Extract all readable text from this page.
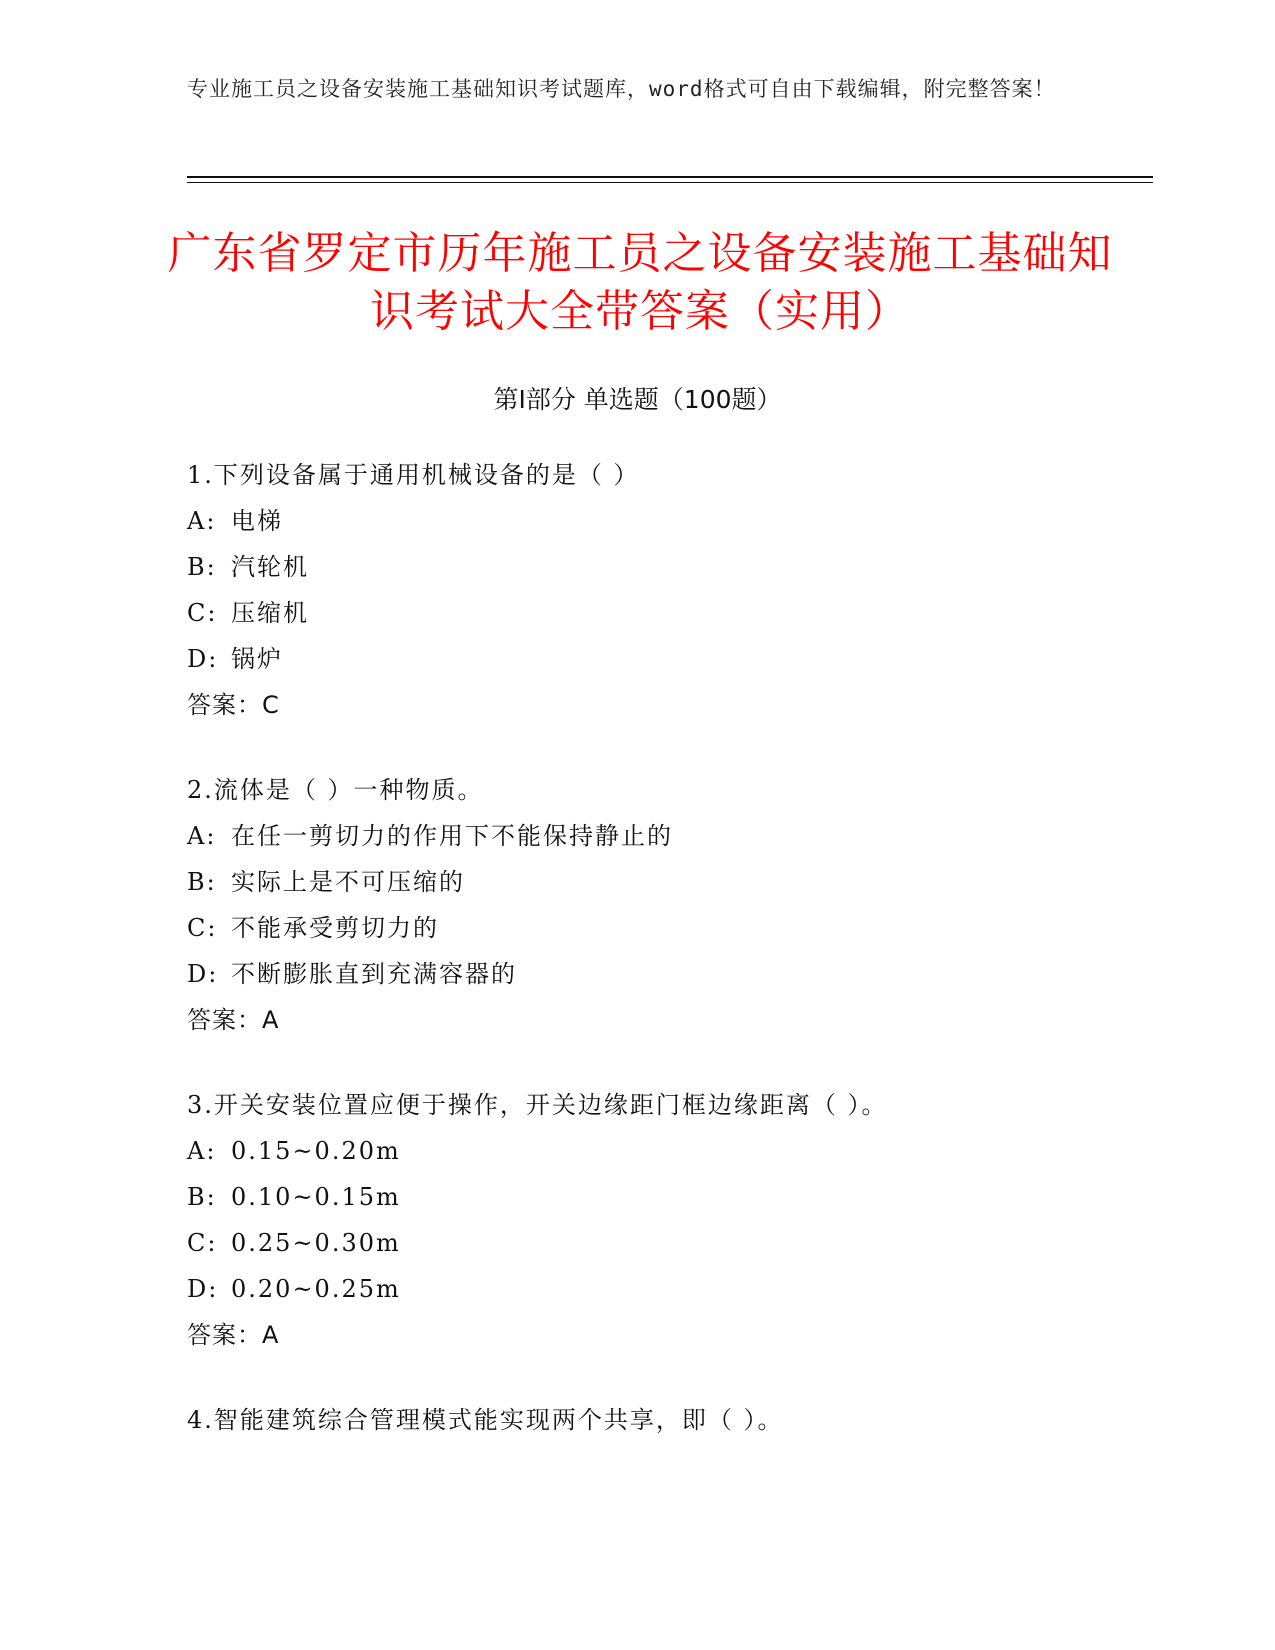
专业施工员之设备安装施工基础知识考试题库，word格式可自由下载编辑，附完整答案！
广东省罗定市历年施工员之设备安装施工基础知识考试大全带答案（实用）
第Ⅰ部分 单选题（100题）
1.下列设备属于通用机械设备的是（ ）
A: 电梯
B: 汽轮机
C: 压缩机
D: 锅炉
答案：C
2.流体是（ ）一种物质。
A: 在任一剪切力的作用下不能保持静止的
B: 实际上是不可压缩的
C: 不能承受剪切力的
D: 不断膨胀直到充满容器的
答案：A
3.开关安装位置应便于操作，开关边缘距门框边缘距离（ ）。
A: 0.15~0.20m
B: 0.10~0.15m
C: 0.25~0.30m
D: 0.20~0.25m
答案：A
4.智能建筑综合管理模式能实现两个共享，即（ ）。
